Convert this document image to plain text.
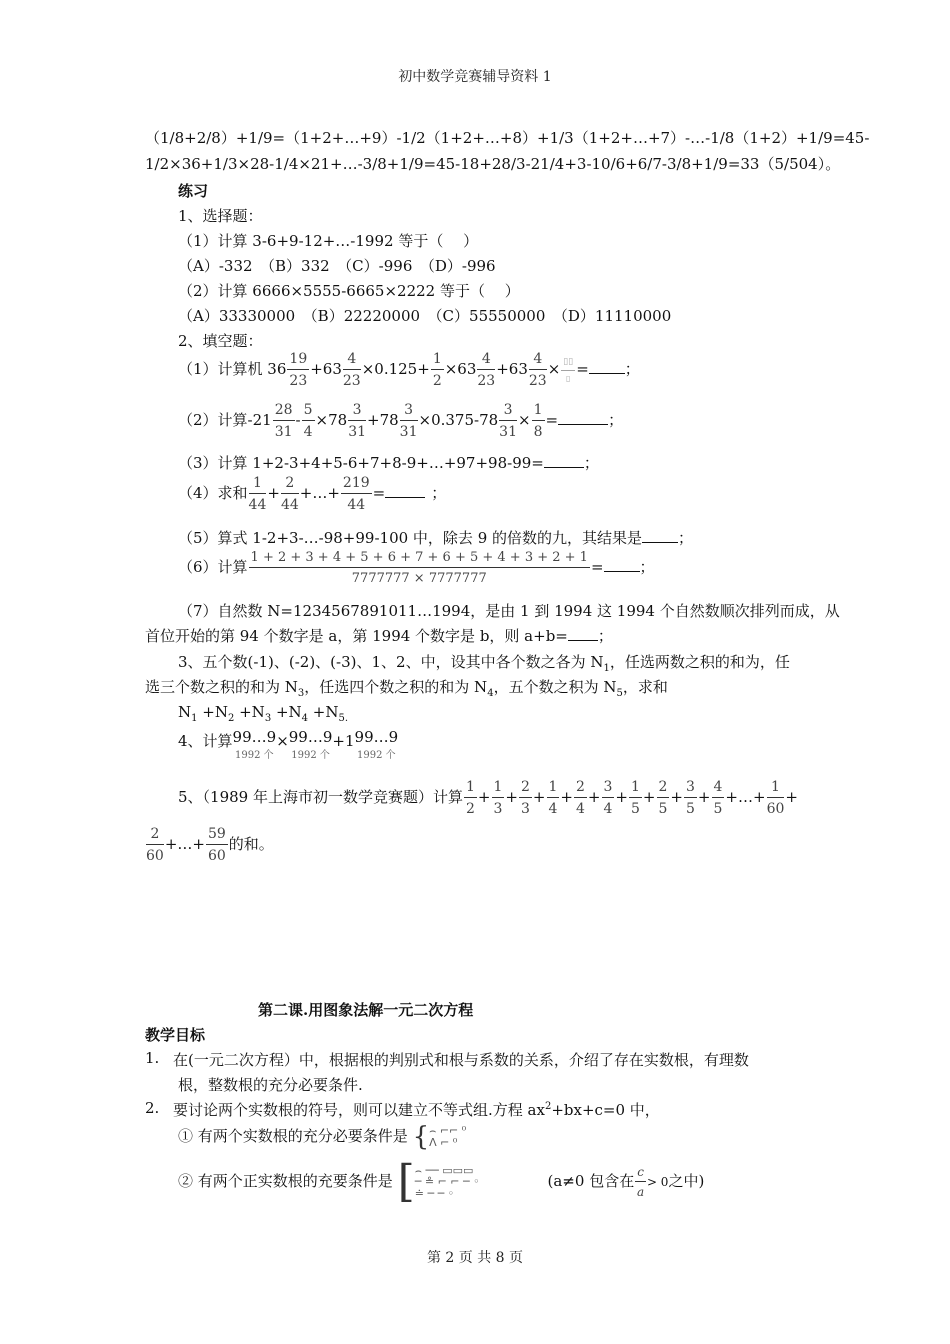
初中数学竞赛辅导资料 1
（1/8+2/8）+1/9=（1+2+…+9）-1/2（1+2+…+8）+1/3（1+2+…+7）-…-1/8（1+2）+1/9=45-
1/2×36+1/3×28-1/4×21+…-3/8+1/9=45-18+28/3-21/4+3-10/6+6/7-3/8+1/9=33（5/504）。
练习
1、选择题：
（1）计算 3-6+9-12+…-1992 等于（　 ）
（A）-332　（B）332　（C）-996　（D）-996
（2）计算 6666×5555-6665×2222 等于（　 ）
（A）33330000　（B）22220000　（C）55550000　（D）11110000
2、填空题：
（1）计算机 $36 \frac{19}{23} +63 \frac{4}{23} \times 0.125+ \frac{1}{2} \times 63 \frac{4}{23} +63 \frac{4}{23} \times \frac{▯▯}{▯}$ = ；
（2）计算$-21 \frac{28}{31} - \frac{5}{4} \times 78 \frac{3}{31} +78 \frac{3}{31} \times 0.375-78 \frac{3}{31} \times \frac{1}{8}$ =	；
（3）计算 1+2-3+4+5-6+7+8-9+…+97+98-99=	；
（4）求和 $\frac{1}{44} + \frac{2}{44}$ +…+ $\frac{219}{44}$ =	；
（5）算式 1-2+3-…-98+99-100 中，除去 9 的倍数的九，其结果是 ；
（6）计算 $\frac{1 + 2 + 3 + 4 + 5 + 6 + 7 + 6 + 5 + 4 + 3 + 2 + 1}{7777777 \times 7777777}$ = ；
（7）自然数 N=1234567891011…1994，是由 1 到 1994 这 1994 个自然数顺次排列而成，从
首位开始的第 94 个数字是 a，第 1994 个数字是 b，则 a+b= ；
3、五个数(-1)、(-2)、(-3)、1、2、中，设其中各个数之各为 $N_1$，任选两数之积的和为，任
选三个数之积的和为 $N_3$，任选四个数之积的和为 $N_4$，五个数之积为 $N_5$，求和
$N_1 +N_2 +N_3 +N_4 +N_{5.}$
4、计算 99…9
1992 个
× 99…9
1992 个
+1 99…9
1992 个
5、（1989 年上海市初一数学竞赛题）计算 $\frac{1}{2} + \frac{1}{3} + \frac{2}{3} + \frac{1}{4} + \frac{2}{4} + \frac{3}{4} + \frac{1}{5} + \frac{2}{5} + \frac{3}{5} + \frac{4}{5}$ +…+ $\frac{1}{60}$ +
$\frac{2}{60}$ +…+ $\frac{59}{60}$ 的和。
第二课.用图象法解一元二次方程
教学目标
1. 在(一元二次方程）中，根据根的判别式和根与系数的关系，介绍了存在实数根，有理数
根，整数根的充分必要条件.
2. 要讨论两个实数根的符号，则可以建立不等式组.方程 $ax^2+bx+c=0$ 中，
① 有两个实数根的充分必要条件是 {⌢ ⌐⌐ ⁰
ᐱ ⌐ ⁰
② 有两个正实数根的充要条件是 [⌢ ── ▭▭▭
─ ≗ ⌐ ⌐ ─ ◦
≐ ─ ─ ◦ (a≠0 包含在 $\frac{c}{a} > 0$之中)
第 2 页 共 8 页
